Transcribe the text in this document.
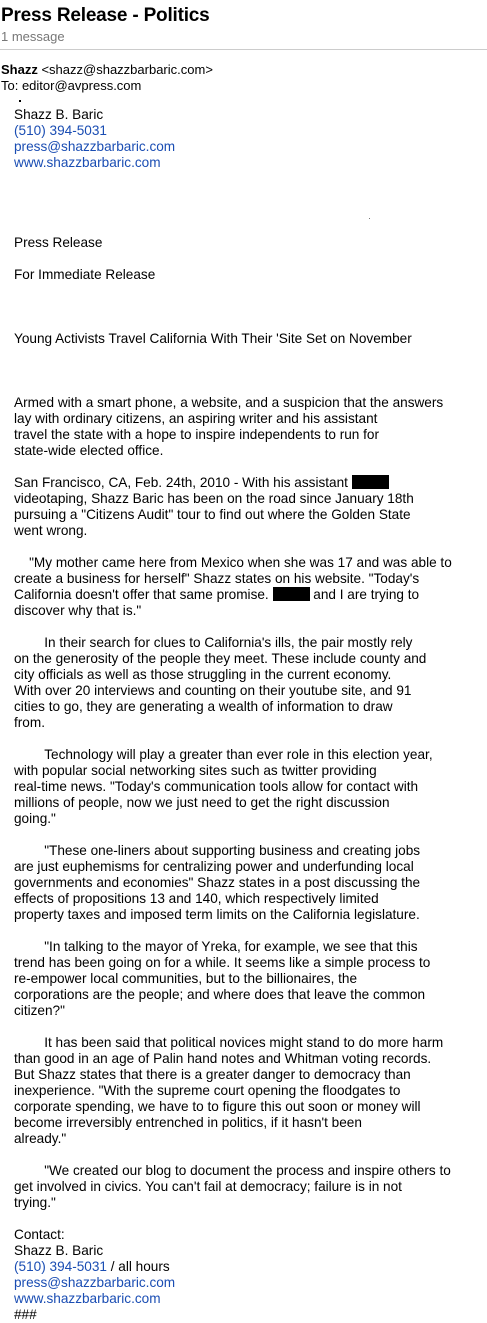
Press Release - Politics
1 message
Shazz <shazz@shazzbarbaric.com>
To: editor@avpress.com
Shazz B. Baric
(510) 394-5031
press@shazzbarbaric.com
www.shazzbarbaric.com
Press Release
For Immediate Release
Young Activists Travel California With Their 'Site Set on November
Armed with a smart phone, a website, and a suspicion that the answers
lay with ordinary citizens, an aspiring writer and his assistant
travel the state with a hope to inspire independents to run for
state-wide elected office.
San Francisco, CA, Feb. 24th, 2010 - With his assistant
videotaping, Shazz Baric has been on the road since January 18th
pursuing a "Citizens Audit" tour to find out where the Golden State
went wrong.
"My mother came here from Mexico when she was 17 and was able to
create a business for herself" Shazz states on his website. "Today's
California doesn't offer that same promise.	and I are trying to
discover why that is."
In their search for clues to California's ills, the pair mostly rely
on the generosity of the people they meet. These include county and
city officials as well as those struggling in the current economy.
With over 20 interviews and counting on their youtube site, and 91
cities to go, they are generating a wealth of information to draw
from.
Technology will play a greater than ever role in this election year,
with popular social networking sites such as twitter providing
real-time news. "Today's communication tools allow for contact with
millions of people, now we just need to get the right discussion
going."
"These one-liners about supporting business and creating jobs
are just euphemisms for centralizing power and underfunding local
governments and economies" Shazz states in a post discussing the
effects of propositions 13 and 140, which respectively limited
property taxes and imposed term limits on the California legislature.
"In talking to the mayor of Yreka, for example, we see that this
trend has been going on for a while. It seems like a simple process to
re-empower local communities, but to the billionaires, the
corporations are the people; and where does that leave the common
citizen?"
It has been said that political novices might stand to do more harm
than good in an age of Palin hand notes and Whitman voting records.
But Shazz states that there is a greater danger to democracy than
inexperience. "With the supreme court opening the floodgates to
corporate spending, we have to to figure this out soon or money will
become irreversibly entrenched in politics, if it hasn't been
already."
"We created our blog to document the process and inspire others to
get involved in civics. You can't fail at democracy; failure is in not
trying."
Contact:
Shazz B. Baric
(510) 394-5031 / all hours
press@shazzbarbaric.com
www.shazzbarbaric.com
###
